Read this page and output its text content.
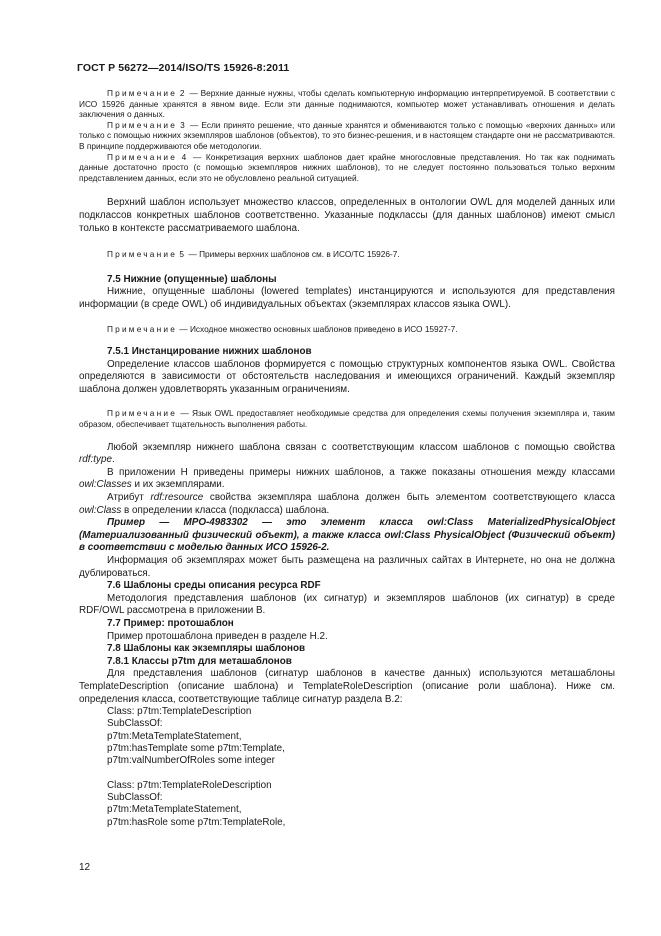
ГОСТ Р 56272—2014/ISO/TS 15926-8:2011

Примечание 2 — Верхние данные нужны, чтобы сделать компьютерную информацию интерпретируемой. В соответствии с ИСО 15926 данные хранятся в явном виде. Если эти данные поднимаются, компьютер может устанавливать отношения и делать заключения о данных.

Примечание 3 — Если принято решение, что данные хранятся и обмениваются только с помощью «верхних данных» или только с помощью нижних экземпляров шаблонов (объектов), то это бизнес-решения, и в настоящем стандарте они не рассматриваются. В принципе поддерживаются обе методологии.

Примечание 4 — Конкретизация верхних шаблонов дает крайне многословные представления. Но так как поднимать данные достаточно просто (с помощью экземпляров нижних шаблонов), то не следует постоянно пользоваться только верхним представлением данных, если это не обусловлено реальной ситуацией.

Верхний шаблон использует множество классов, определенных в онтологии OWL для моделей данных или подклассов конкретных шаблонов соответственно. Указанные подклассы (для данных шаблонов) имеют смысл только в контексте рассматриваемого шаблона.

Примечание 5 — Примеры верхних шаблонов см. в ИСО/ТС 15926-7.

7.5 Нижние (опущенные) шаблоны

Нижние, опущенные шаблоны (lowered templates) инстанцируются и используются для представления информации (в среде OWL) об индивидуальных объектах (экземплярах классов языка OWL).

Примечание — Исходное множество основных шаблонов приведено в ИСО 15927-7.

7.5.1 Инстанцирование нижних шаблонов

Определение классов шаблонов формируется с помощью структурных компонентов языка OWL. Свойства определяются в зависимости от обстоятельств наследования и имеющихся ограничений. Каждый экземпляр шаблона должен удовлетворять указанным ограничениям.

Примечание — Язык OWL предоставляет необходимые средства для определения схемы получения экземпляра и, таким образом, обеспечивает тщательность выполнения работы.

Любой экземпляр нижнего шаблона связан с соответствующим классом шаблонов с помощью свойства rdf:type.

В приложении H приведены примеры нижних шаблонов, а также показаны отношения между классами owl:Classes и их экземплярами.

Атрибут rdf:resource свойства экземпляра шаблона должен быть элементом соответствующего класса owl:Class в определении класса (подкласса) шаблона.

Пример — MPO-4983302 — это элемент класса owl:Class MaterializedPhysicalObject (Материализованный физический объект), а также класса owl:Class PhysicalObject (Физический объект) в соответствии с моделью данных ИСО 15926-2.

Информация об экземплярах может быть размещена на различных сайтах в Интернете, но она не должна дублироваться.

7.6 Шаблоны среды описания ресурса RDF

Методология представления шаблонов (их сигнатур) и экземпляров шаблонов (их сигнатур) в среде RDF/OWL рассмотрена в приложении В.

7.7 Пример: протошаблон

Пример протошаблона приведен в разделе Н.2.

7.8 Шаблоны как экземпляры шаблонов

7.8.1 Классы p7tm для меташаблонов

Для представления шаблонов (сигнатур шаблонов в качестве данных) используются меташаблоны TemplateDescription (описание шаблона) и TemplateRoleDescription (описание роли шаблона). Ниже см. определения класса, соответствующие таблице сигнатур раздела В.2:

Class: p7tm:TemplateDescription

SubClassOf:

p7tm:MetaTemplateStatement,

p7tm:hasTemplate some p7tm:Template,

p7tm:valNumberOfRoles some integer

Class: p7tm:TemplateRoleDescription

SubClassOf:

p7tm:MetaTemplateStatement,

p7tm:hasRole some p7tm:TemplateRole,

12
